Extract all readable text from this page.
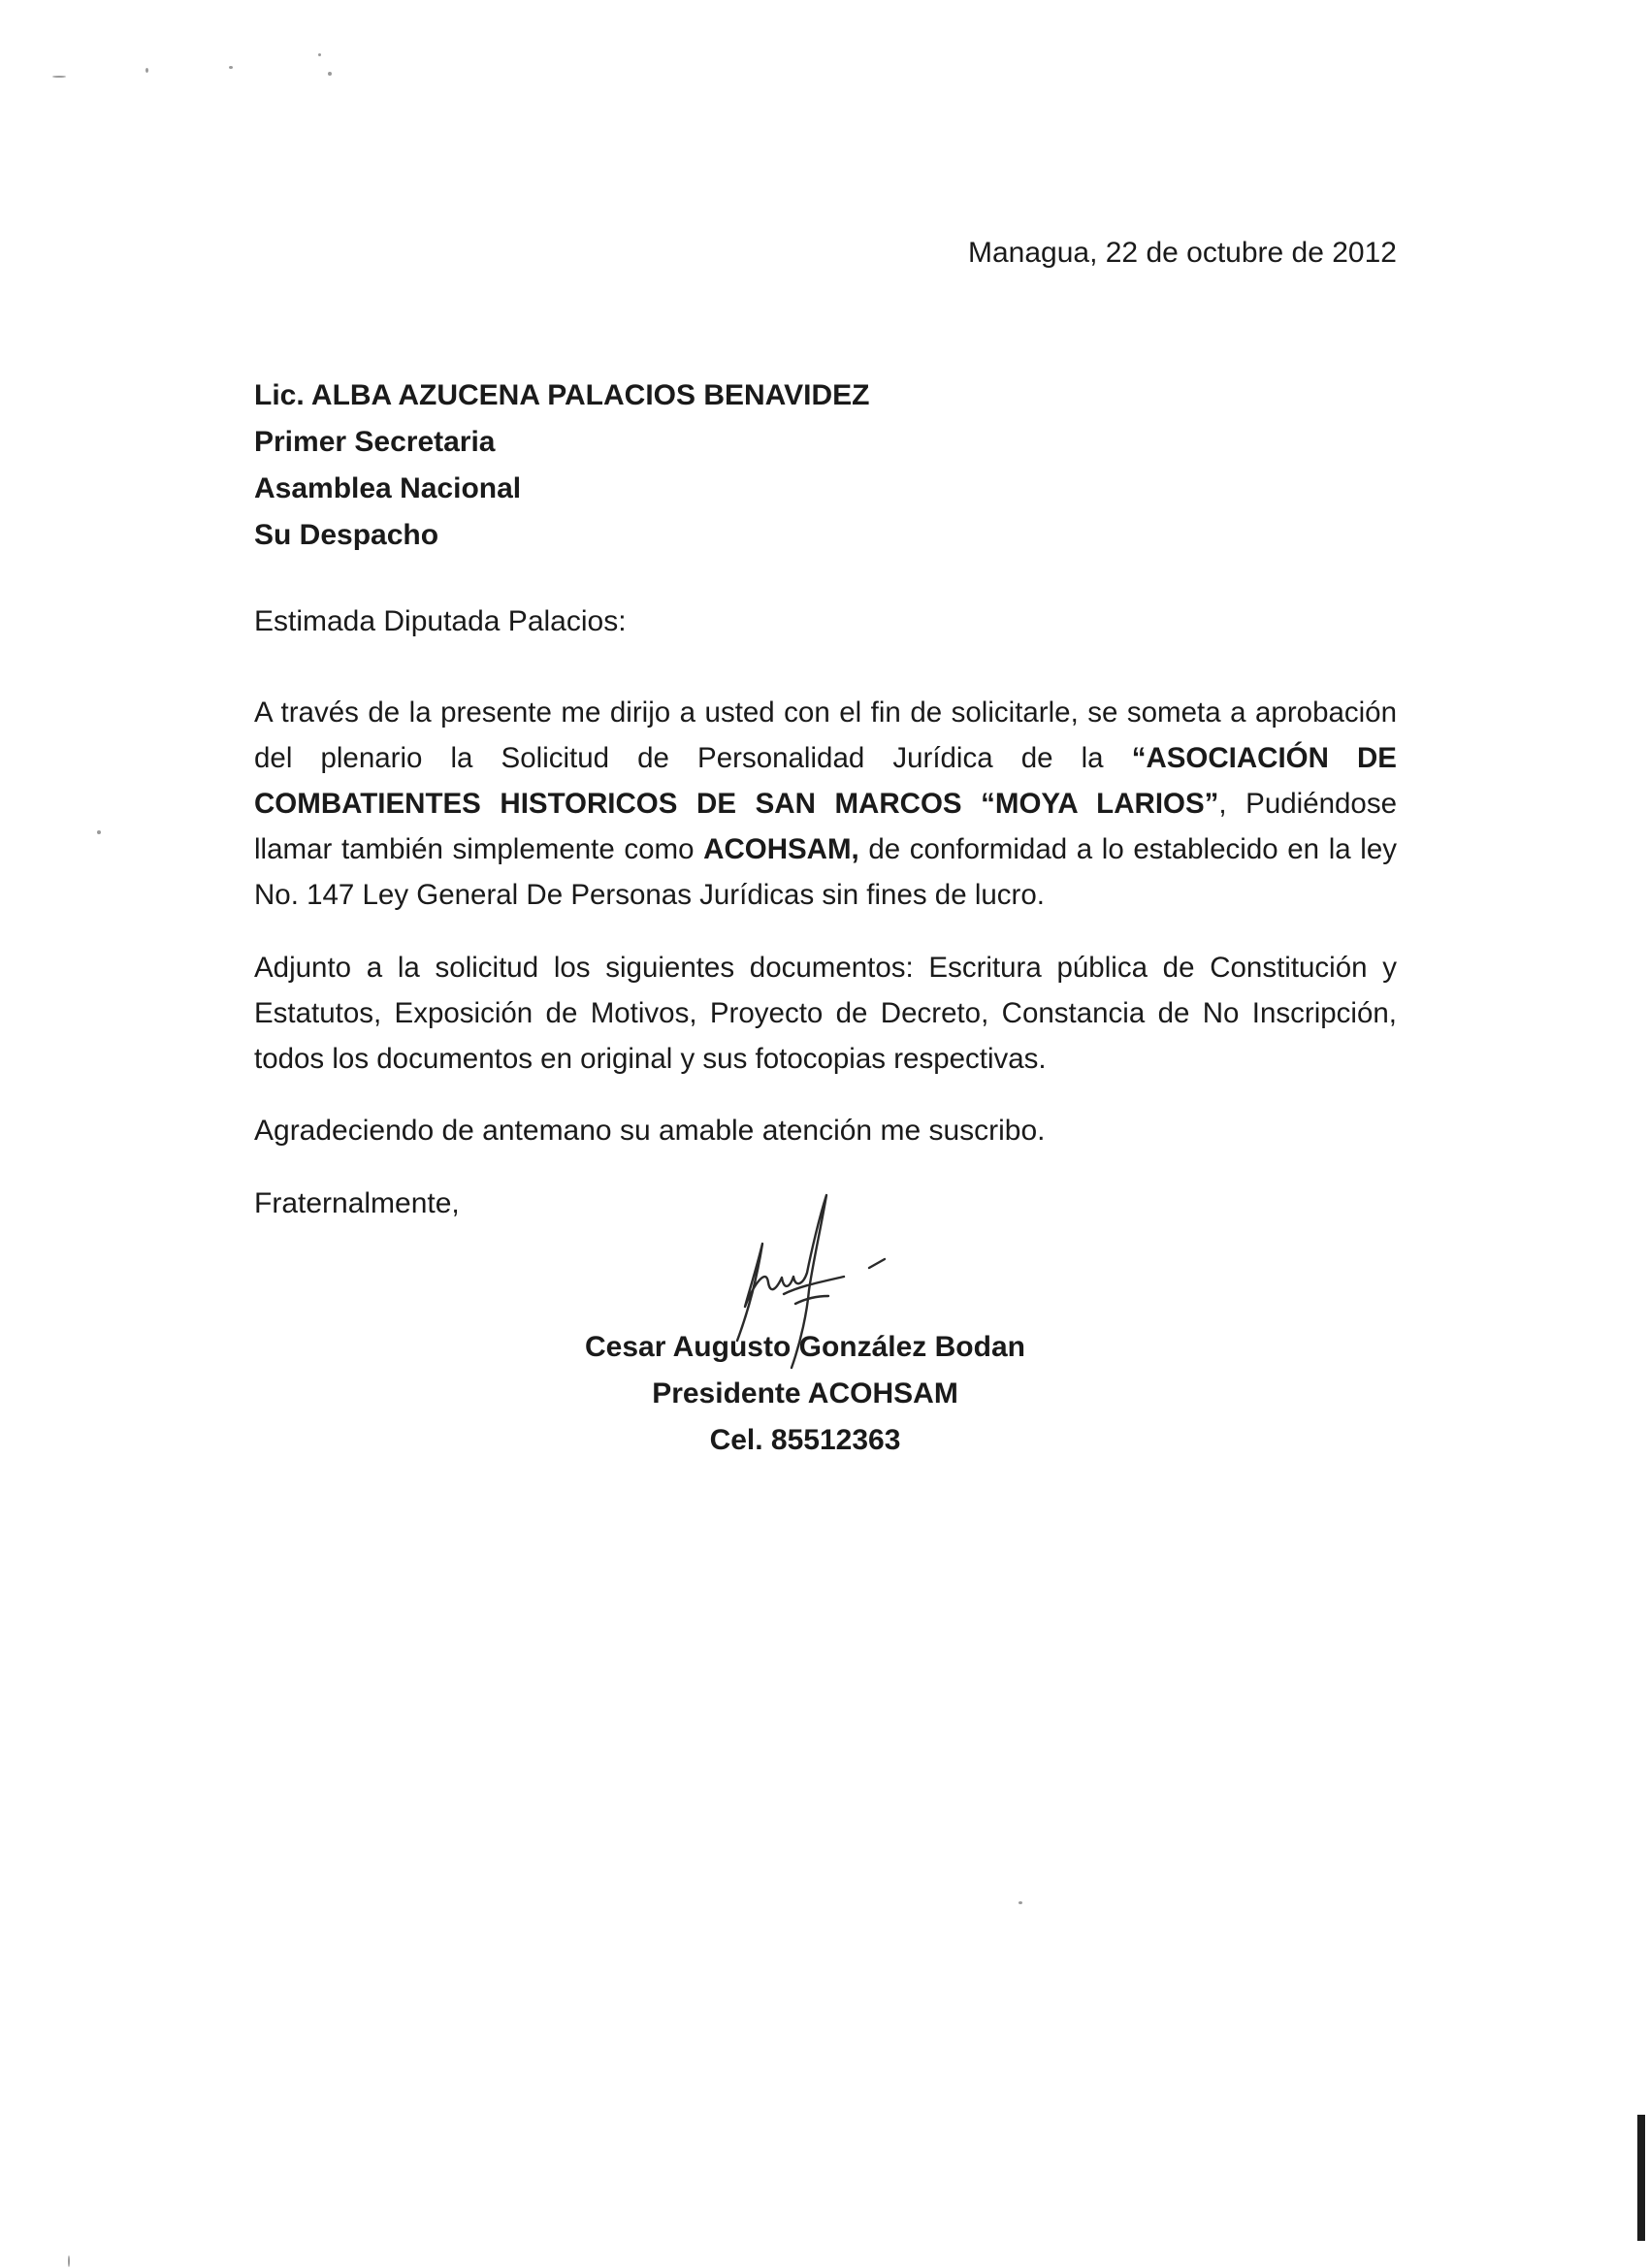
Managua, 22 de octubre de 2012
Lic. ALBA AZUCENA PALACIOS BENAVIDEZ
Primer Secretaria
Asamblea Nacional
Su Despacho
Estimada Diputada Palacios:

A través de la presente me dirijo a usted con el fin de solicitarle, se someta a aprobación del plenario la Solicitud de Personalidad Jurídica de la “ASOCIACIÓN DE COMBATIENTES HISTORICOS DE SAN MARCOS “MOYA LARIOS”, Pudiéndose llamar también simplemente como ACOHSAM, de conformidad a lo establecido en la ley No. 147 Ley General De Personas Jurídicas sin fines de lucro.

Adjunto a la solicitud los siguientes documentos: Escritura pública de Constitución y Estatutos, Exposición de Motivos, Proyecto de Decreto, Constancia de No Inscripción, todos los documentos en original y sus fotocopias respectivas.

Agradeciendo de antemano su amable atención me suscribo.
Fraternalmente,
Cesar Augusto González Bodan
Presidente ACOHSAM
Cel. 85512363
